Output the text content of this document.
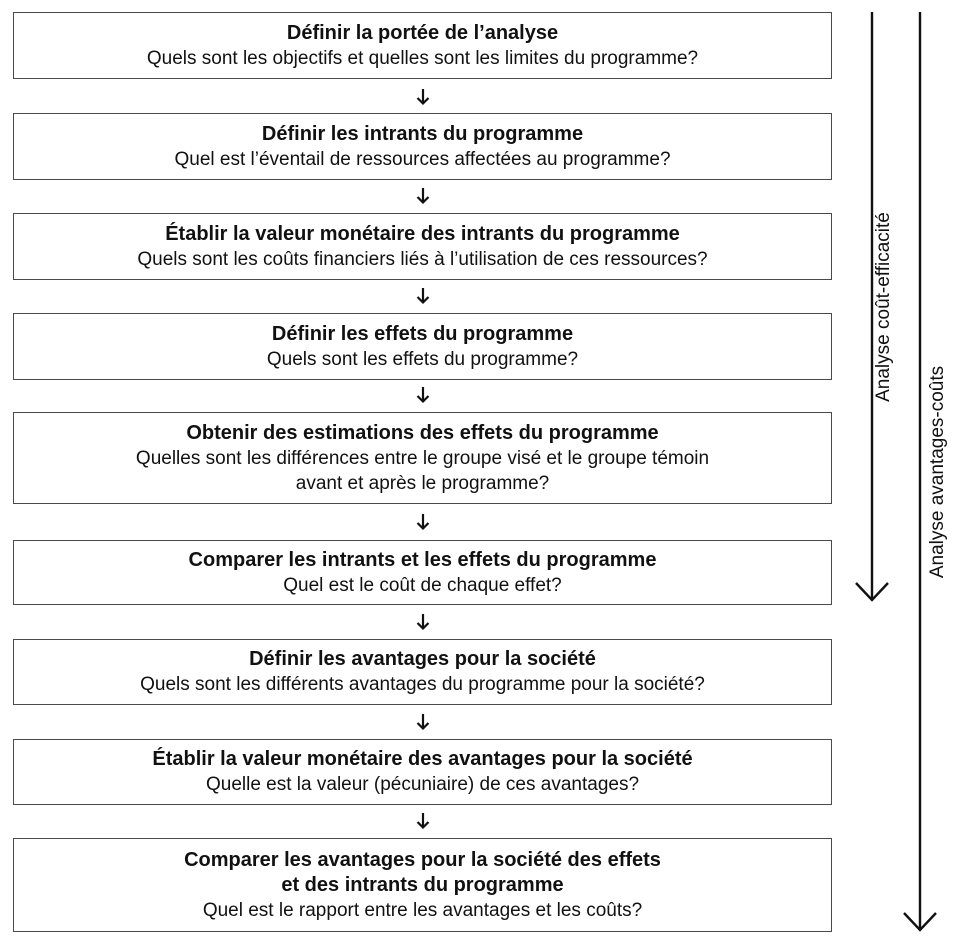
Définir la portée de l’analyse
Quels sont les objectifs et quelles sont les limites du programme?
Définir les intrants du programme
Quel est l’éventail de ressources affectées au programme?
Établir la valeur monétaire des intrants du programme
Quels sont les coûts financiers liés à l’utilisation de ces ressources?
Définir les effets du programme
Quels sont les effets du programme?
Obtenir des estimations des effets du programme
Quelles sont les différences entre le groupe visé et le groupe témoin
avant et après le programme?
Comparer les intrants et les effets du programme
Quel est le coût de chaque effet?
Définir les avantages pour la société
Quels sont les différents avantages du programme pour la société?
Établir la valeur monétaire des avantages pour la société
Quelle est la valeur (pécuniaire) de ces avantages?
Comparer les avantages pour la société des effets
et des intrants du programme
Quel est le rapport entre les avantages et les coûts?
Analyse coût-efficacité
Analyse avantages-coûts
